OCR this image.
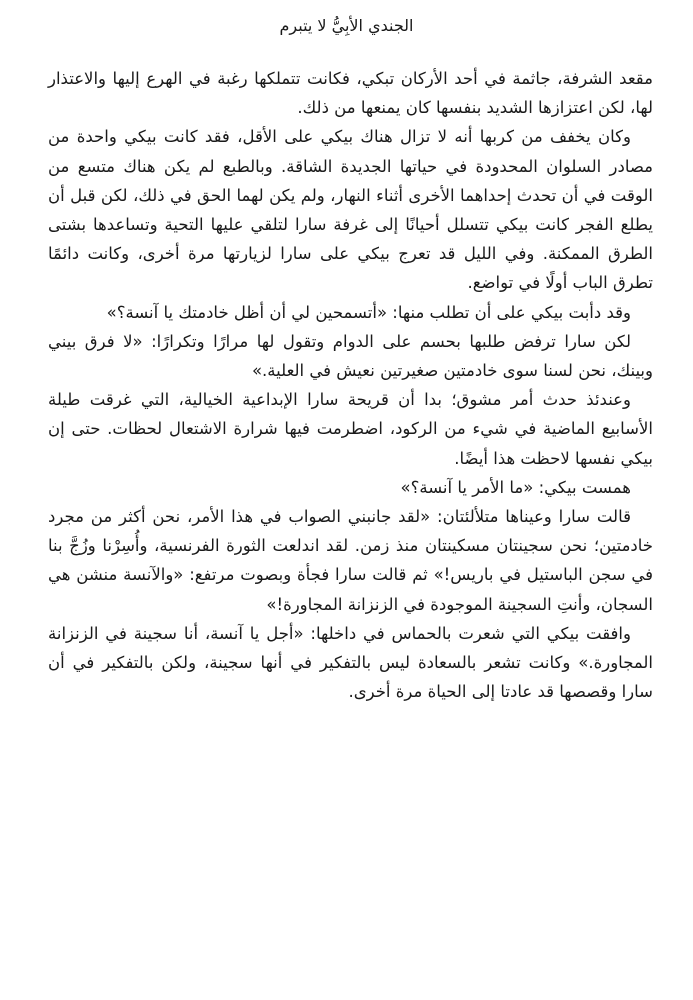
الجندي الأبِيُّ لا يتبرم

مقعد الشرفة، جاثمة في أحد الأركان تبكي، فكانت تتملكها رغبة في الهرع إليها والاعتذار لها، لكن اعتزازها الشديد بنفسها كان يمنعها من ذلك.

وكان يخفف من كربها أنه لا تزال هناك بيكي على الأقل، فقد كانت بيكي واحدة من مصادر السلوان المحدودة في حياتها الجديدة الشاقة. وبالطبع لم يكن هناك متسع من الوقت في أن تحدث إحداهما الأخرى أثناء النهار، ولم يكن لهما الحق في ذلك، لكن قبل أن يطلع الفجر كانت بيكي تتسلل أحيانًا إلى غرفة سارا لتلقي عليها التحية وتساعدها بشتى الطرق الممكنة. وفي الليل قد تعرج بيكي على سارا لزيارتها مرة أخرى، وكانت دائمًا تطرق الباب أولًا في تواضع.

وقد دأبت بيكي على أن تطلب منها: «أتسمحين لي أن أظل خادمتك يا آنسة؟»

لكن سارا ترفض طلبها بحسم على الدوام وتقول لها مرارًا وتكرارًا: «لا فرق بيني وبينك، نحن لسنا سوى خادمتين صغيرتين نعيش في العلية.»

وعندئذ حدث أمر مشوق؛ بدا أن قريحة سارا الإبداعية الخيالية، التي غرقت طيلة الأسابيع الماضية في شيء من الركود، اضطرمت فيها شرارة الاشتعال لحظات. حتى إن بيكي نفسها لاحظت هذا أيضًا.

همست بيكي: «ما الأمر يا آنسة؟»

قالت سارا وعيناها متلألئتان: «لقد جانبني الصواب في هذا الأمر، نحن أكثر من مجرد خادمتين؛ نحن سجينتان مسكينتان منذ زمن. لقد اندلعت الثورة الفرنسية، وأُسِرْنا وزُجَّ بنا في سجن الباستيل في باريس!» ثم قالت سارا فجأة وبصوت مرتفع: «والآنسة منشن هي السجان، وأنتِ السجينة الموجودة في الزنزانة المجاورة!»

وافقت بيكي التي شعرت بالحماس في داخلها: «أجل يا آنسة، أنا سجينة في الزنزانة المجاورة.» وكانت تشعر بالسعادة ليس بالتفكير في أنها سجينة، ولكن بالتفكير في أن سارا وقصصها قد عادتا إلى الحياة مرة أخرى.
